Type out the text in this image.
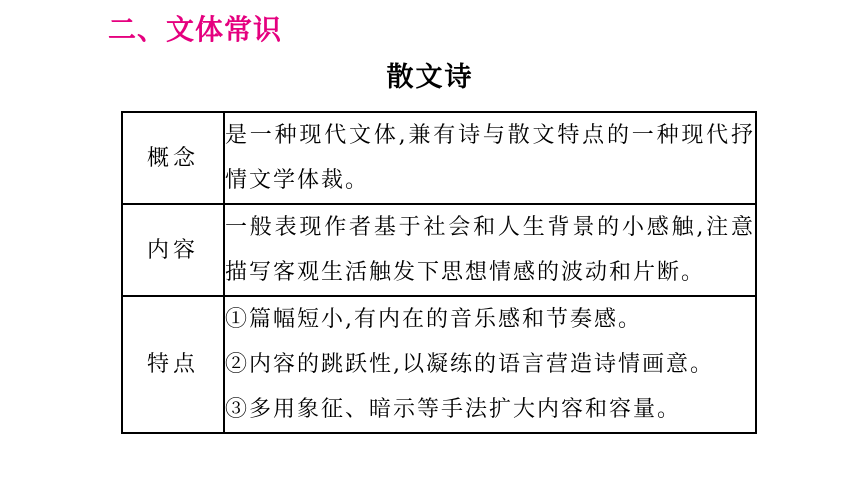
二、文体常识
散文诗
概念	是一种现代文体,兼有诗与散文特点的一种现代抒情文学体裁。
内容	一般表现作者基于社会和人生背景的小感触,注意描写客观生活触发下思想情感的波动和片断。
特点	①篇幅短小,有内在的音乐感和节奏感。
②内容的跳跃性,以凝练的语言营造诗情画意。
③多用象征、暗示等手法扩大内容和容量。
